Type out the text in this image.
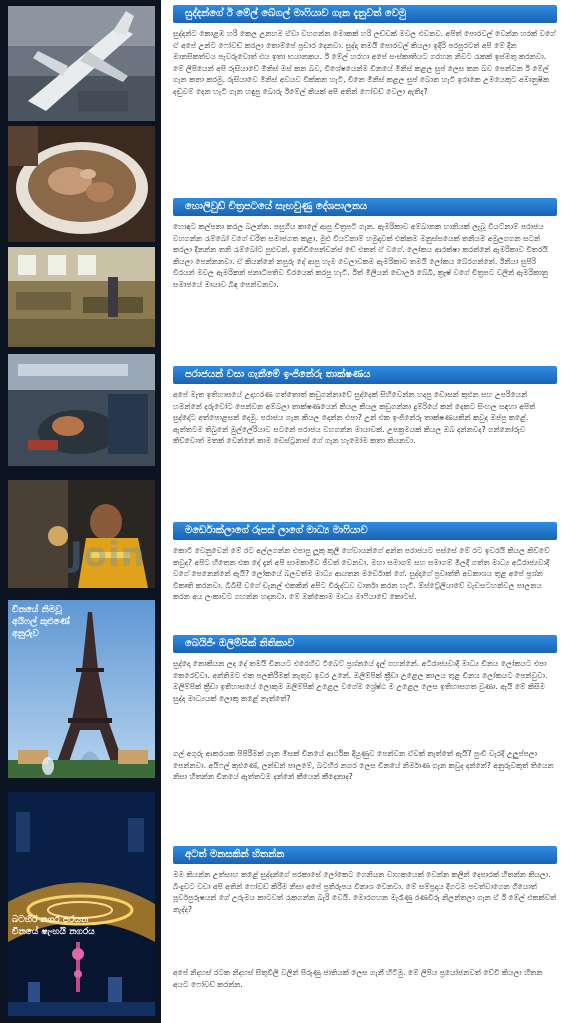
චීනයේ නිමවූ අයිෆල් කුළුණේ අනුරුව
බටහිර නගර පරයන චීනයේ ෂැංහයි නගරය
සුද්දන්ගේ ඊ මේල් බේගල් මාෆියාව ගැන දැනුවත් වෙමු
සුද්දන්ට කොළඹ හරි කෙල උනහම ඒවා වහගන්න මොකක් හරි ලඩ්ඩක් මවල එවනව. අපිත් පොරවල් වෙන්න හරක් වගේ ඒ අපේ උන්ට ෆෝවඩ් කරලා තොම්පේ ප්‍රචාර දෙනවා. සුද්දා තමයි පොරවල් කියලා ඉදිරි පරපුරටත් අපි මේ දීන මානසිකත්වය පැවරුවොත් එය ඉතා භයානකය. ඊ මේල් හරහා අපේ සංස්කෘතියට ගරහන නිවට රැකක් ඉස්මතු කරනවා. මේ ලිපියෙන් අපි රුසියාවේ මිනිස් මස් කන බව, විශේෂයෙන්ම චීනයේ මිනිස් කළල සුප් ලෙස කන බව පෙන්වන ඊ මේල් ගැන කතා කරමු. රුසියාවෙ මිනිස් අවයව වික්කන හැටි, චීනෙ මිනිස් කළල සුප් බොන හැටි ඉරාකෙ උමයෙකුට අමානුෂික දඬුවම් දෙන හැටි ගැන හඳුපු බොරු ඊමේල් කියක් අපි අතින් ෆෝවඩ් වෙලා ඇතිද?
හොලිවුඩ් චිත්‍රපටයේ සැඟවුණු දේශපාලනය
හොඳට කල්පනා කරල බලන්න. පසුගිය කාලේ ආපු චිත්‍රපටි ගැන. ඇමරිකාව අම්බානක හානියක් ලැබූ වියට්නාම් පරාජය වහගන්න රැම්බෝ වගේ චරිත සමාජගත කළා. මුළු වියට්නාම් හමුදාවක් එක්කම මනුස්සයෙක් තනියම අමුලගගන සටන් කරලා දිනන්න තනි රැම්බෝට පුළුවන්. ඉන්ඩිපෙන්ඩන්ස් ඩේ එකත් ඒ වගේ. ලෝකය ආරක්ෂා කරන්නේ ඇමරිකාව විතරයි කියලා පෙන්නනවා. ඒ කියන්නේ නපුරු දේ ආපු හැම වෙලාවකම ඇමරිකාව තමයි ලෝකය බේරගන්නේ. ඊනියා සුපිරි වීරයන් මවල ඇමරිකන් ජනාධිපතිව වීරයෙක් කරපු හැටි. ඊත් මිලියන් ඩොලර් බේබි, ක්‍රෑෂ් වගේ චිත්‍රපට වලින් ඇමරිකානු සමාජයේ මායාව බිඳ පෙන්වනවා.
පරාජයන් වසා ගැනීමේ ඉංජිනේරු තාක්ෂණය
අපේ මෑත ඉතිහාසයේ උදාහරණ ගත්තොත් කඩුගන්නාවේ සුද්දෙක් සිහිවෙන්න හදපු ඩොසන් කුළුන සහ උපරියෙන් හමන්නේ දරුවෝට පෙන්වන අම්බලා තාක්ෂණයෙන් කියල කියල කඩුගන්නා දුම්රියේ කන් දෙකට සිංහල සඳහා අපිත් සුද්දෝට අත්පොළසන් දෙමු. පරාජය ගැන කියල දෙන්න එපා? උන් එක ඉංජිනේරු තාක්ෂණයකින් කවුද ඔප්පු කළේ. ඇත්තටම තිබුනේ මුල්ලේරියාව සටනේ පරාජය වහගන්න මායාවක්. උපක්‍රමයක් කියල ඔබ දන්නවද? ගන්නෝරුව කිව්වොත් මතක් වෙන්නේ කාම ඩෙස්ට්‍රනාස් ගේ ගැන හැමෝම කතා කියනවා.
මර්ඩොක්ලාගේ රූපස් ලාගේ මාධ්‍ය මාෆියාව
කොටි වෙනුවෙන් මේ රට අල්ලගන්න එපාපු ලූකු කුලී හේවායන්ගේ අන්ත පරාජයට පස්සේ මේ රට ඉවරයි කියල කිව්වේ කවුද? අපිට හිතෙන එක දේ දැන් අපි සාමකාමීව ජීවත් වෙනවා. මහා සමාගම් සහ සමාගම් මිලදී ගත්ත මාධ්‍ය අධිරාජ්‍යවාදී වගේ පෙනෙන්නේ ඇයි? ලෝකයේ බලවත්ම මාධ්‍ය ආයතන මර්ඩොක් ගේ. සුද්දාගේ ප්‍රවෘත්ති අවකාශය තුළ අපේ ප්‍රශ්න විකෘති කරනවා. බීබීසී වගේ චැනල් එකකින් අපිට විරුද්ධව වාර්තා කරන හැටි. ඕස්ට්‍රේලියාවේ වැඩසටහන්වල පාලනය කරන අය ලංකාවට ගහන්න හදනවා. මේ ඔක්කොම මාධ්‍ය මාෆියාවේ කොටස්.
බෙයිජිං ඔලිම්පික් නිතිකාව
සුද්දො නොකියන ලද දේ තමයි චීනයට එරෙහිව ටිබෙට් ප්‍රශ්නයේ දැල් ගහන්නේ. අධිරාජ්‍යවාදී මාධ්‍ය චීනය ලෝකයට එපා කෙරෙව්වා. අන්තිමට එක පලකිරීමක් නැතුව ඉවර උනේ. ඔලිම්පික් ක්‍රීඩා උළෙල කාලය තුළ චීනය ලෝකයට පෙන්වුවා. ඔලිම්පික් ක්‍රීඩා ඉතිහාසයේ ලොකුම ඔලිම්පික් උළෙල වගේම ශ්‍රේෂ්ඨ ම උළෙල ලෙස ඉතිහාසගත වුණා. ඇයි මේ කිසිම සුද්ද මාධ්‍යයක් ලොකු කළේ නැත්තේ?
ගල් අගුරු ආකරයක පිපිරීමක් ගැන මිසක් චීනයේ ආර්ථික දියුණුව පෙන්වන ඒවක් නැත්තේ ඇයි? පුංචි වැරදි උලුප්පලා පෙන්නවා. අයිෆල් කුළුණේ, ලන්ඩන් පාලමේ, බටහිර නගර ලෙස චීනයේ නිර්මාණ ගැන කවුද දන්නේ? අනුරුවකුත් තියෙන නිසා හිතන්න චීනයේ ඇත්තටම දන්නේ කීයෙන් කීදෙනාද?
අටත් මනසකින් හිතන්න
මම කියන්න උත්සාහ කළේ සුද්දන්ගේ පරකාසේ ලෝකෙට ගෙනියන වාහකයෙක් වෙන්න කලින් දෙපාරක් හිතන්න කියලා. බිංදුවට වඩා අපි අතින් ෆෝවඩ් කිරීම නිසා අපේ ප්‍රතිරූපය විනාශ වෙනවා. මේ සම්ප්‍රදාය දිගටම පවත්වාගෙන ගියොත් පූර්වපුරුෂයන් ගේ උරුමය කාටවත් රැකගන්න බැරි වෙයි. මොරගහන මැරෑණු රණවිරු නිලන්තලා ගැන ඒ ඊ මේල් එකක්වත් නැද්ද?
අපේ නිදහස් රටක නිදහස් සිතුවිලි වලින් පිරුණු ජාතියක් ලෙස ගැනී හිටිමු. මේ ලිපිය ප්‍රයෝජනවත් වේවි කියලා හිතන අයට ෆෝවඩ් කරන්න.
Join
